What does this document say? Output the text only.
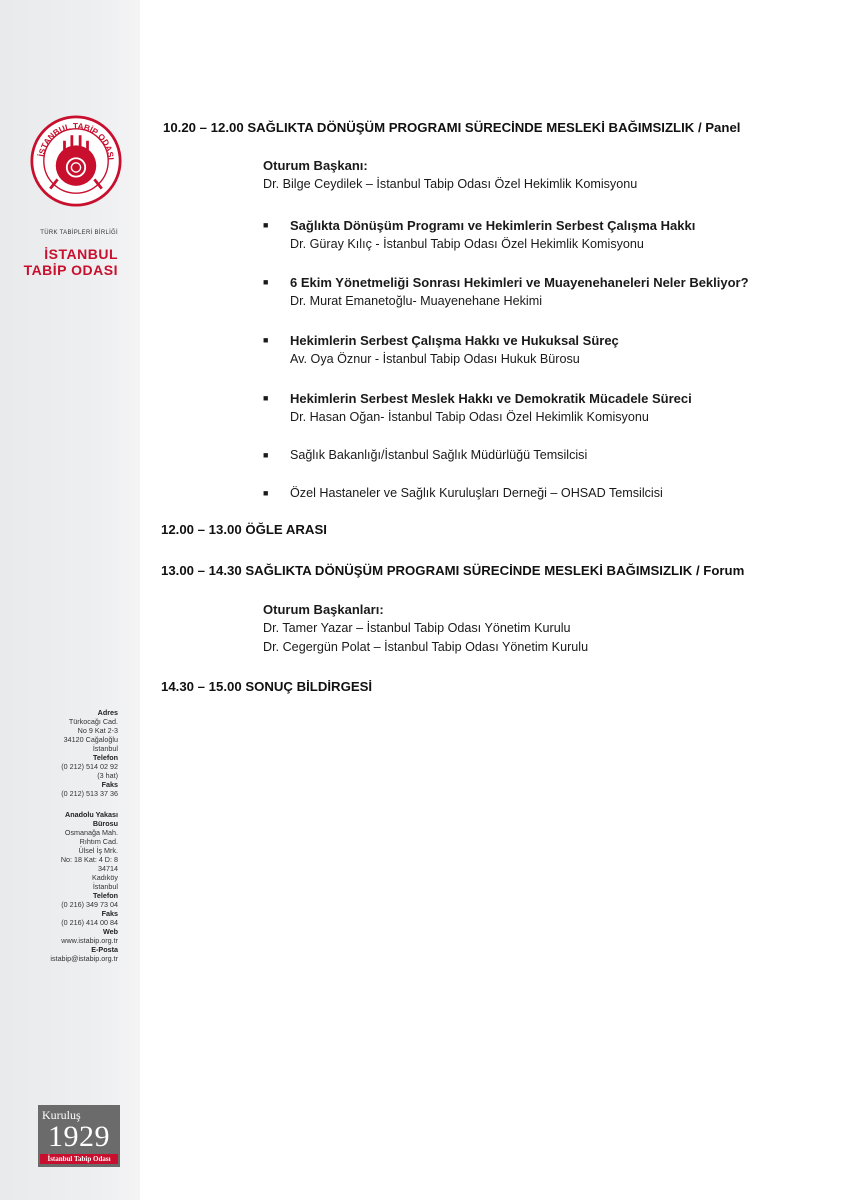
İSTANBUL TABİP ODASI
TÜRK TABİPLERİ BİRLİĞİ
İSTANBUL
TABİP ODASI
Adres
Türkocağı Cad.
No 9 Kat 2-3
34120 Cağaloğlu
İstanbul
Telefon
(0 212) 514 02 92
(3 hat)
Faks
(0 212) 513 37 36
Anadolu Yakası
Bürosu
Osmanağa Mah.
Rıhtım Cad.
Ülsel İş Mrk.
No: 18 Kat: 4 D: 8
34714
Kadıköy
İstanbul
Telefon
(0 216) 349 73 04
Faks
(0 216) 414 00 84
Web
www.istabip.org.tr
E-Posta
istabip@istabip.org.tr
Kuruluş
1929
İstanbul Tabip Odası
10.20 – 12.00 SAĞLIKTA DÖNÜŞÜM PROGRAMI SÜRECİNDE MESLEKİ BAĞIMSIZLIK / Panel
Oturum Başkanı:
Dr. Bilge Ceydilek – İstanbul Tabip Odası Özel Hekimlik Komisyonu
■ Sağlıkta Dönüşüm Programı ve Hekimlerin Serbest Çalışma Hakkı
Dr. Güray Kılıç - İstanbul Tabip Odası Özel Hekimlik Komisyonu
■ 6 Ekim Yönetmeliği Sonrası Hekimleri ve Muayenehaneleri Neler Bekliyor?
Dr. Murat Emanetoğlu- Muayenehane Hekimi
■ Hekimlerin Serbest Çalışma Hakkı ve Hukuksal Süreç
Av. Oya Öznur - İstanbul Tabip Odası Hukuk Bürosu
■ Hekimlerin Serbest Meslek Hakkı ve Demokratik Mücadele Süreci
Dr. Hasan Oğan- İstanbul Tabip Odası Özel Hekimlik Komisyonu
■ Sağlık Bakanlığı/İstanbul Sağlık Müdürlüğü Temsilcisi
■ Özel Hastaneler ve Sağlık Kuruluşları Derneği – OHSAD Temsilcisi
12.00 – 13.00 ÖĞLE ARASI
13.00 – 14.30 SAĞLIKTA DÖNÜŞÜM PROGRAMI SÜRECİNDE MESLEKİ BAĞIMSIZLIK / Forum
Oturum Başkanları:
Dr. Tamer Yazar – İstanbul Tabip Odası Yönetim Kurulu
Dr. Cegergün Polat – İstanbul Tabip Odası Yönetim Kurulu
14.30 – 15.00 SONUÇ BİLDİRGESİ
